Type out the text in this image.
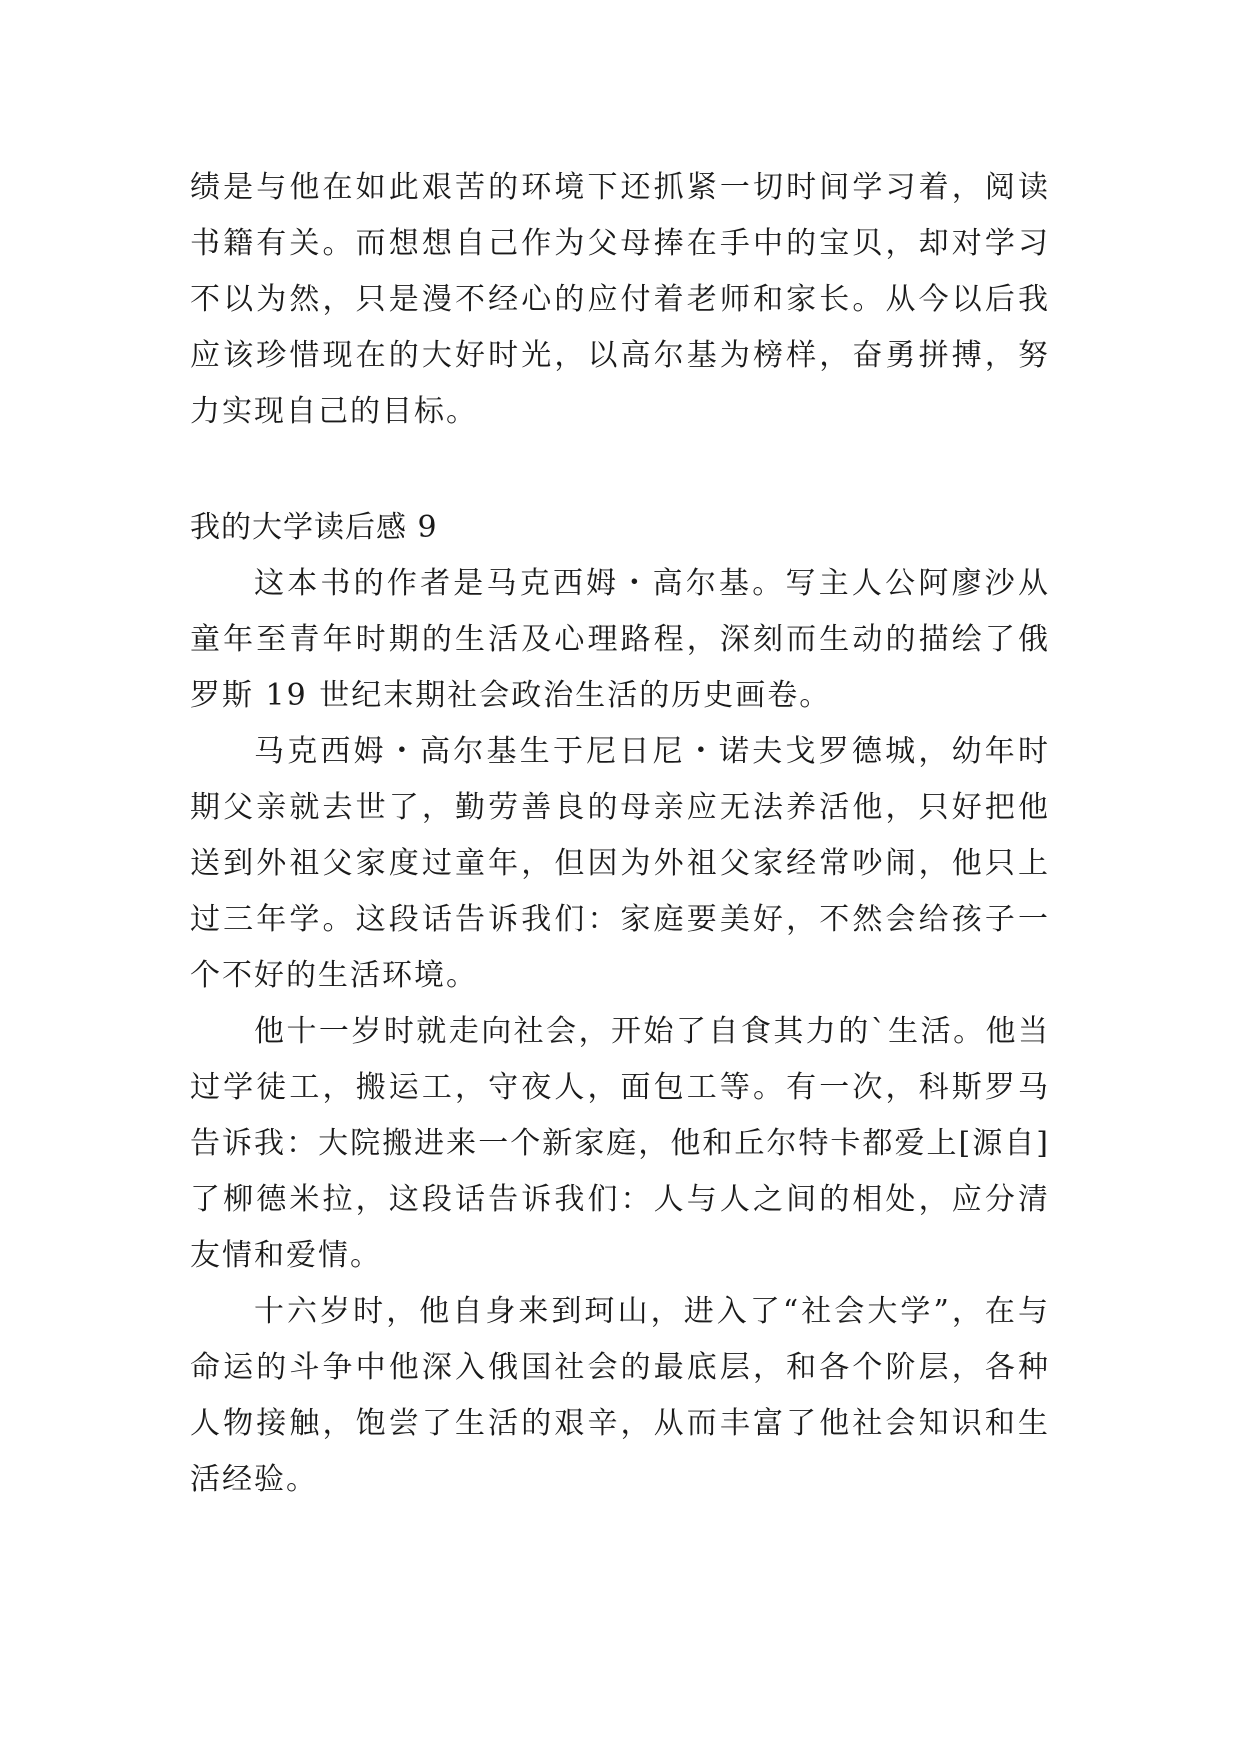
绩是与他在如此艰苦的环境下还抓紧一切时间学习着，阅读书籍有关。而想想自己作为父母捧在手中的宝贝，却对学习不以为然，只是漫不经心的应付着老师和家长。从今以后我应该珍惜现在的大好时光，以高尔基为榜样，奋勇拼搏，努力实现自己的目标。

我的大学读后感 9

这本书的作者是马克西姆・高尔基。写主人公阿廖沙从童年至青年时期的生活及心理路程，深刻而生动的描绘了俄罗斯 19 世纪末期社会政治生活的历史画卷。

马克西姆・高尔基生于尼日尼・诺夫戈罗德城，幼年时期父亲就去世了，勤劳善良的母亲应无法养活他，只好把他送到外祖父家度过童年，但因为外祖父家经常吵闹，他只上过三年学。这段话告诉我们：家庭要美好，不然会给孩子一个不好的生活环境。

他十一岁时就走向社会，开始了自食其力的`生活。他当过学徒工，搬运工，守夜人，面包工等。有一次，科斯罗马告诉我：大院搬进来一个新家庭，他和丘尔特卡都爱上[源自]了柳德米拉，这段话告诉我们：人与人之间的相处，应分清友情和爱情。

十六岁时，他自身来到珂山，进入了“社会大学”，在与命运的斗争中他深入俄国社会的最底层，和各个阶层，各种人物接触，饱尝了生活的艰辛，从而丰富了他社会知识和生活经验。
